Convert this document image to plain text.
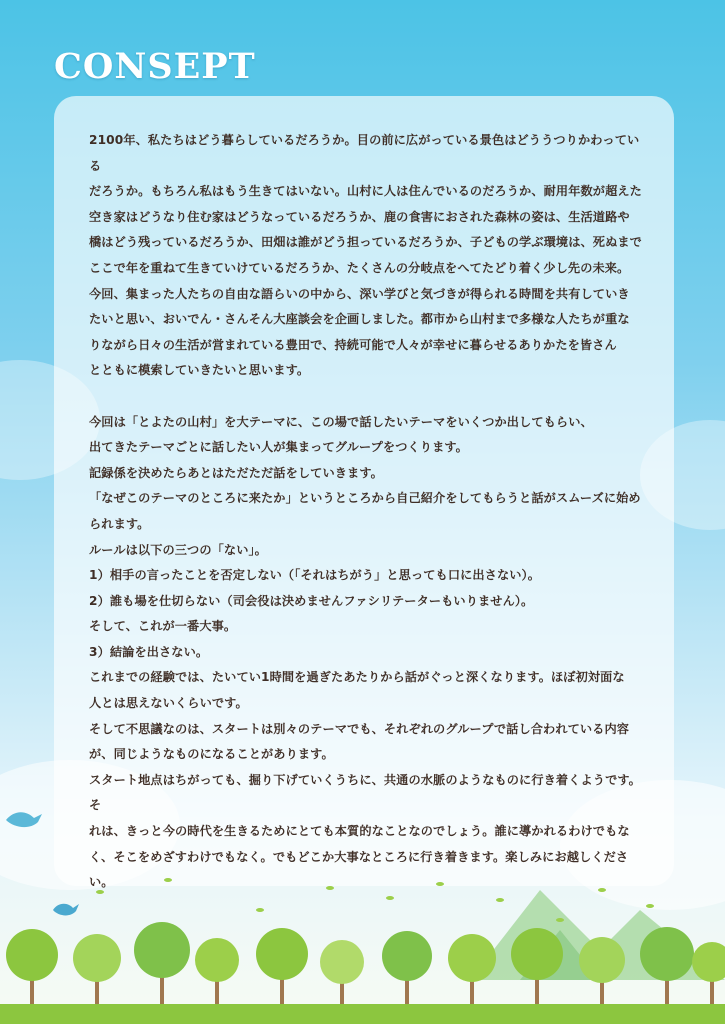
CONSEPT

2100年、私たちはどう暮らしているだろうか。目の前に広がっている景色はどううつりかわっている

だろうか。もちろん私はもう生きてはいない。山村に人は住んでいるのだろうか、耐用年数が超えた

空き家はどうなり住む家はどうなっているだろうか、鹿の食害におされた森林の姿は、生活道路や

橋はどう残っているだろうか、田畑は誰がどう担っているだろうか、子どもの学ぶ環境は、死ぬまで

ここで年を重ねて生きていけているだろうか、たくさんの分岐点をへてたどり着く少し先の未来。

今回、集まった人たちの自由な語らいの中から、深い学びと気づきが得られる時間を共有していき

たいと思い、おいでん・さんそん大座談会を企画しました。都市から山村まで多様な人たちが重な

りながら日々の生活が営まれている豊田で、持続可能で人々が幸せに暮らせるありかたを皆さん

とともに模索していきたいと思います。

今回は「とよたの山村」を大テーマに、この場で話したいテーマをいくつか出してもらい、

出てきたテーマごとに話したい人が集まってグループをつくります。

記録係を決めたらあとはただただ話をしていきます。

「なぜこのテーマのところに来たか」というところから自己紹介をしてもらうと話がスムーズに始め

られます。

ルールは以下の三つの「ない」。

1）相手の言ったことを否定しない（「それはちがう」と思っても口に出さない）。

2）誰も場を仕切らない（司会役は決めませんファシリテーターもいりません）。

そして、これが一番大事。

3）結論を出さない。

これまでの経験では、たいてい1時間を過ぎたあたりから話がぐっと深くなります。ほぼ初対面な

人とは思えないくらいです。

そして不思議なのは、スタートは別々のテーマでも、それぞれのグループで話し合われている内容

が、同じようなものになることがあります。

スタート地点はちがっても、掘り下げていくうちに、共通の水脈のようなものに行き着くようです。そ

れは、きっと今の時代を生きるためにとても本質的なことなのでしょう。誰に導かれるわけでもな

く、そこをめざすわけでもなく。でもどこか大事なところに行き着きます。楽しみにお越しください。
